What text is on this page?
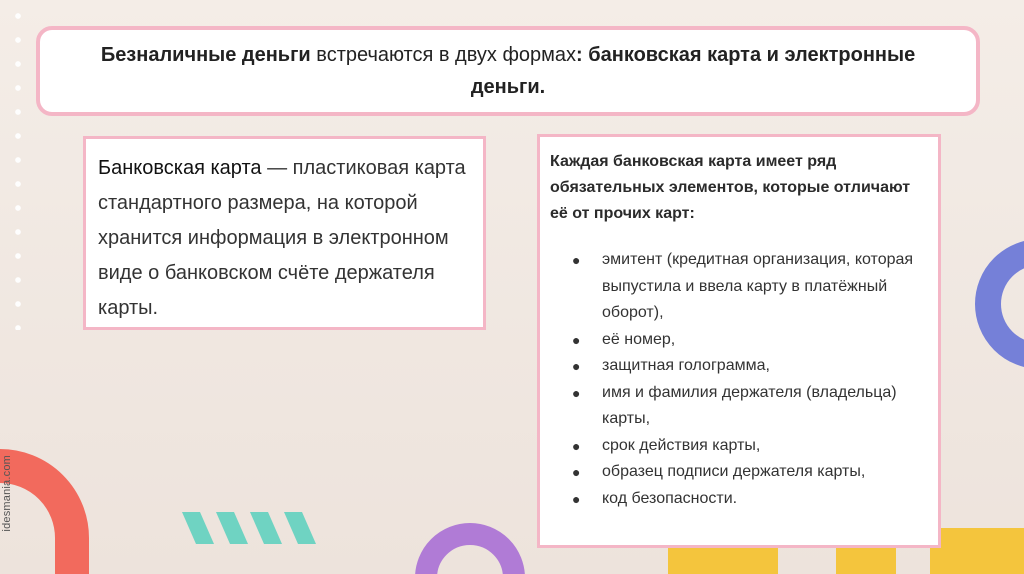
idesmania.com
Безналичные деньги встречаются в двух формах: банковская карта и электронные деньги.
Банковская карта — пластиковая карта стандартного размера, на которой хранится информация в электронном виде о банковском счёте держателя карты.
Каждая банковская карта имеет ряд обязательных элементов, которые отличают её от прочих карт:
● эмитент (кредитная организация, которая выпустила и ввела карту в платёжный оборот),
● её номер,
● защитная голограмма,
● имя и фамилия держателя (владельца) карты,
● срок действия карты,
● образец подписи держателя карты,
● код безопасности.
